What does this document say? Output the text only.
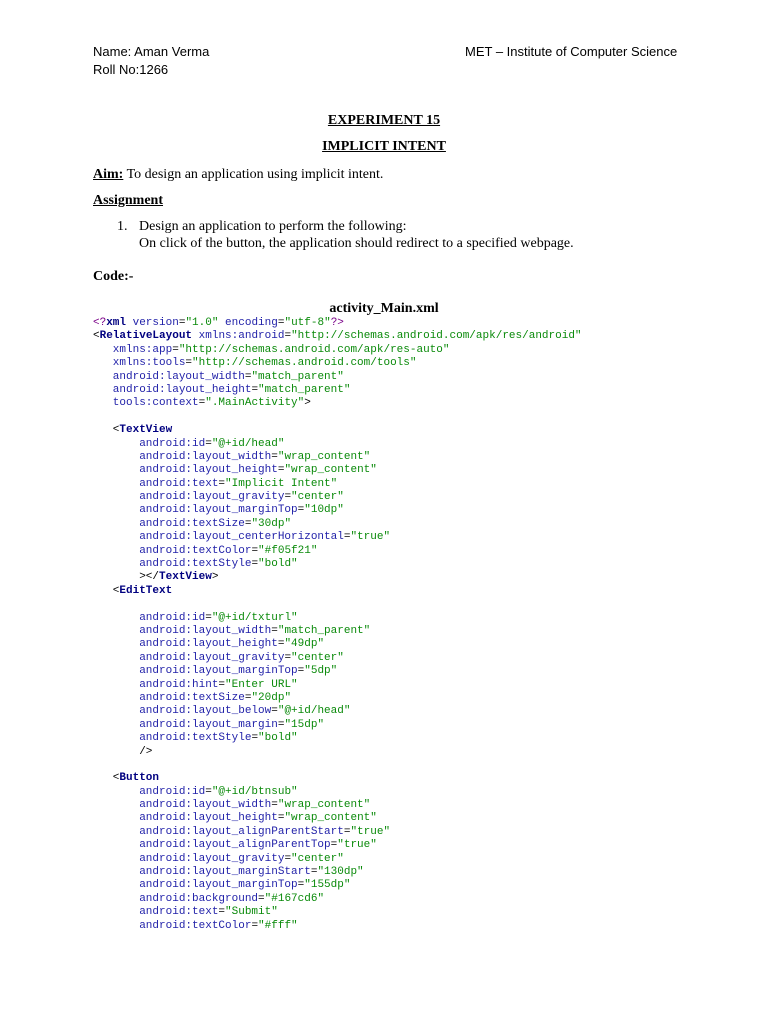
Name: Aman Verma
Roll No:1266
MET – Institute of Computer Science
EXPERIMENT 15
IMPLICIT INTENT
Aim: To design an application using implicit intent.
Assignment
1. Design an application to perform the following:
On click of the button, the application should redirect to a specified webpage.
Code:-
activity_Main.xml
<?xml version="1.0" encoding="utf-8"?>
<RelativeLayout xmlns:android="http://schemas.android.com/apk/res/android"
xmlns:app="http://schemas.android.com/apk/res-auto"
xmlns:tools="http://schemas.android.com/tools"
android:layout_width="match_parent"
android:layout_height="match_parent"
tools:context=".MainActivity">

<TextView
android:id="@+id/head"
android:layout_width="wrap_content"
android:layout_height="wrap_content"
android:text="Implicit Intent"
android:layout_gravity="center"
android:layout_marginTop="10dp"
android:textSize="30dp"
android:layout_centerHorizontal="true"
android:textColor="#f05f21"
android:textStyle="bold"
></TextView>
<EditText

android:id="@+id/txturl"
android:layout_width="match_parent"
android:layout_height="49dp"
android:layout_gravity="center"
android:layout_marginTop="5dp"
android:hint="Enter URL"
android:textSize="20dp"
android:layout_below="@+id/head"
android:layout_margin="15dp"
android:textStyle="bold"
/>

<Button
android:id="@+id/btnsub"
android:layout_width="wrap_content"
android:layout_height="wrap_content"
android:layout_alignParentStart="true"
android:layout_alignParentTop="true"
android:layout_gravity="center"
android:layout_marginStart="130dp"
android:layout_marginTop="155dp"
android:background="#167cd6"
android:text="Submit"
android:textColor="#fff"
